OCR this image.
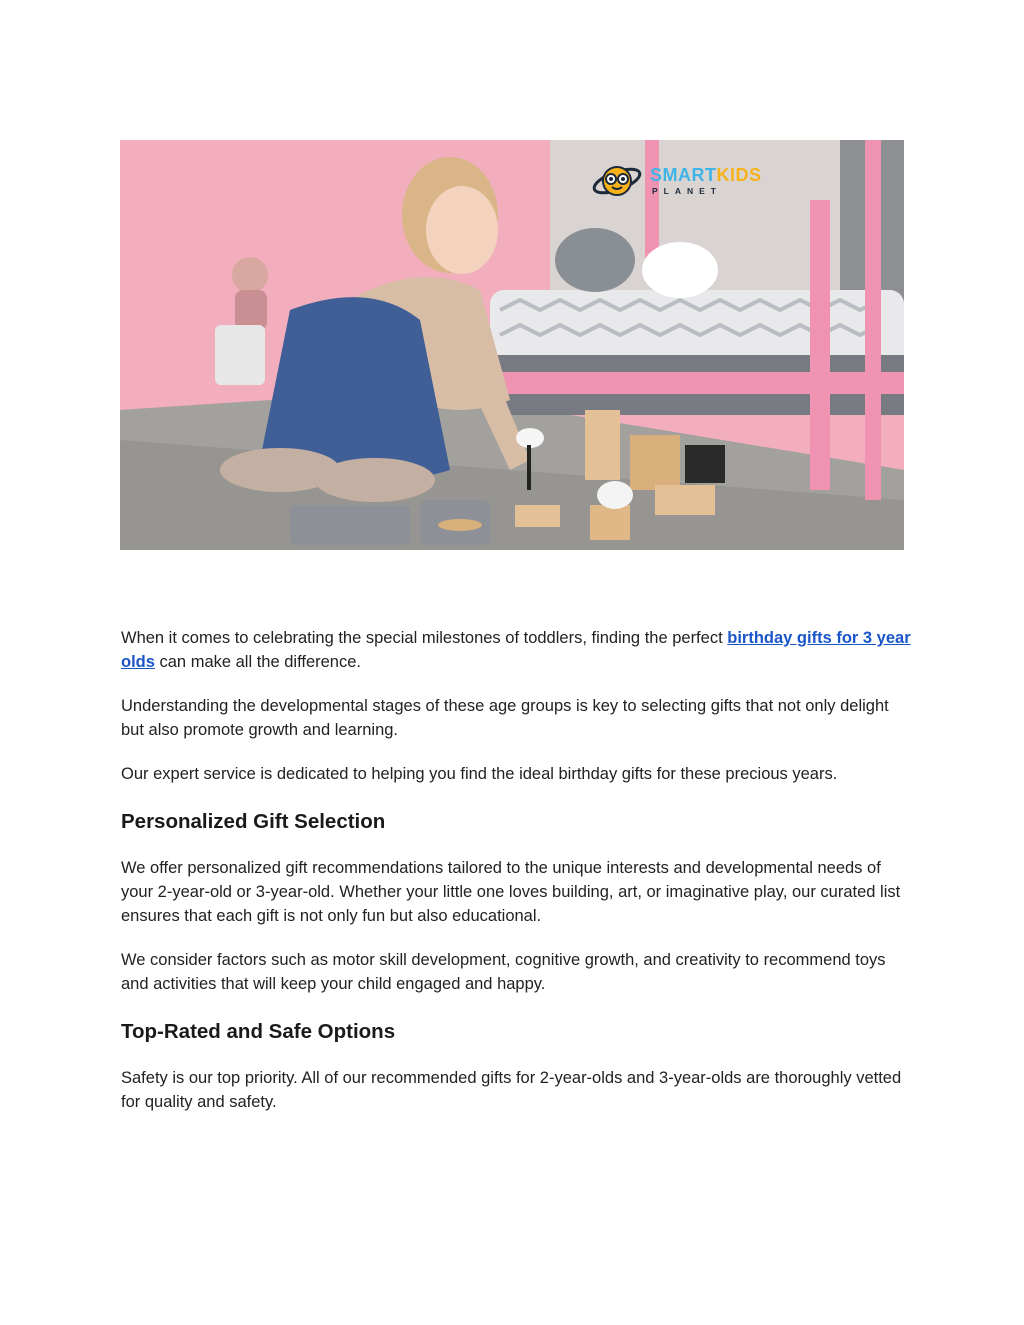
SMARTKIDS
PLANET

When it comes to celebrating the special milestones of toddlers, finding the perfect birthday gifts for 3 year olds can make all the difference.

Understanding the developmental stages of these age groups is key to selecting gifts that not only delight but also promote growth and learning.

Our expert service is dedicated to helping you find the ideal birthday gifts for these precious years.

Personalized Gift Selection

We offer personalized gift recommendations tailored to the unique interests and developmental needs of your 2-year-old or 3-year-old. Whether your little one loves building, art, or imaginative play, our curated list ensures that each gift is not only fun but also educational.

We consider factors such as motor skill development, cognitive growth, and creativity to recommend toys and activities that will keep your child engaged and happy.

Top-Rated and Safe Options

Safety is our top priority. All of our recommended gifts for 2-year-olds and 3-year-olds are thoroughly vetted for quality and safety.
